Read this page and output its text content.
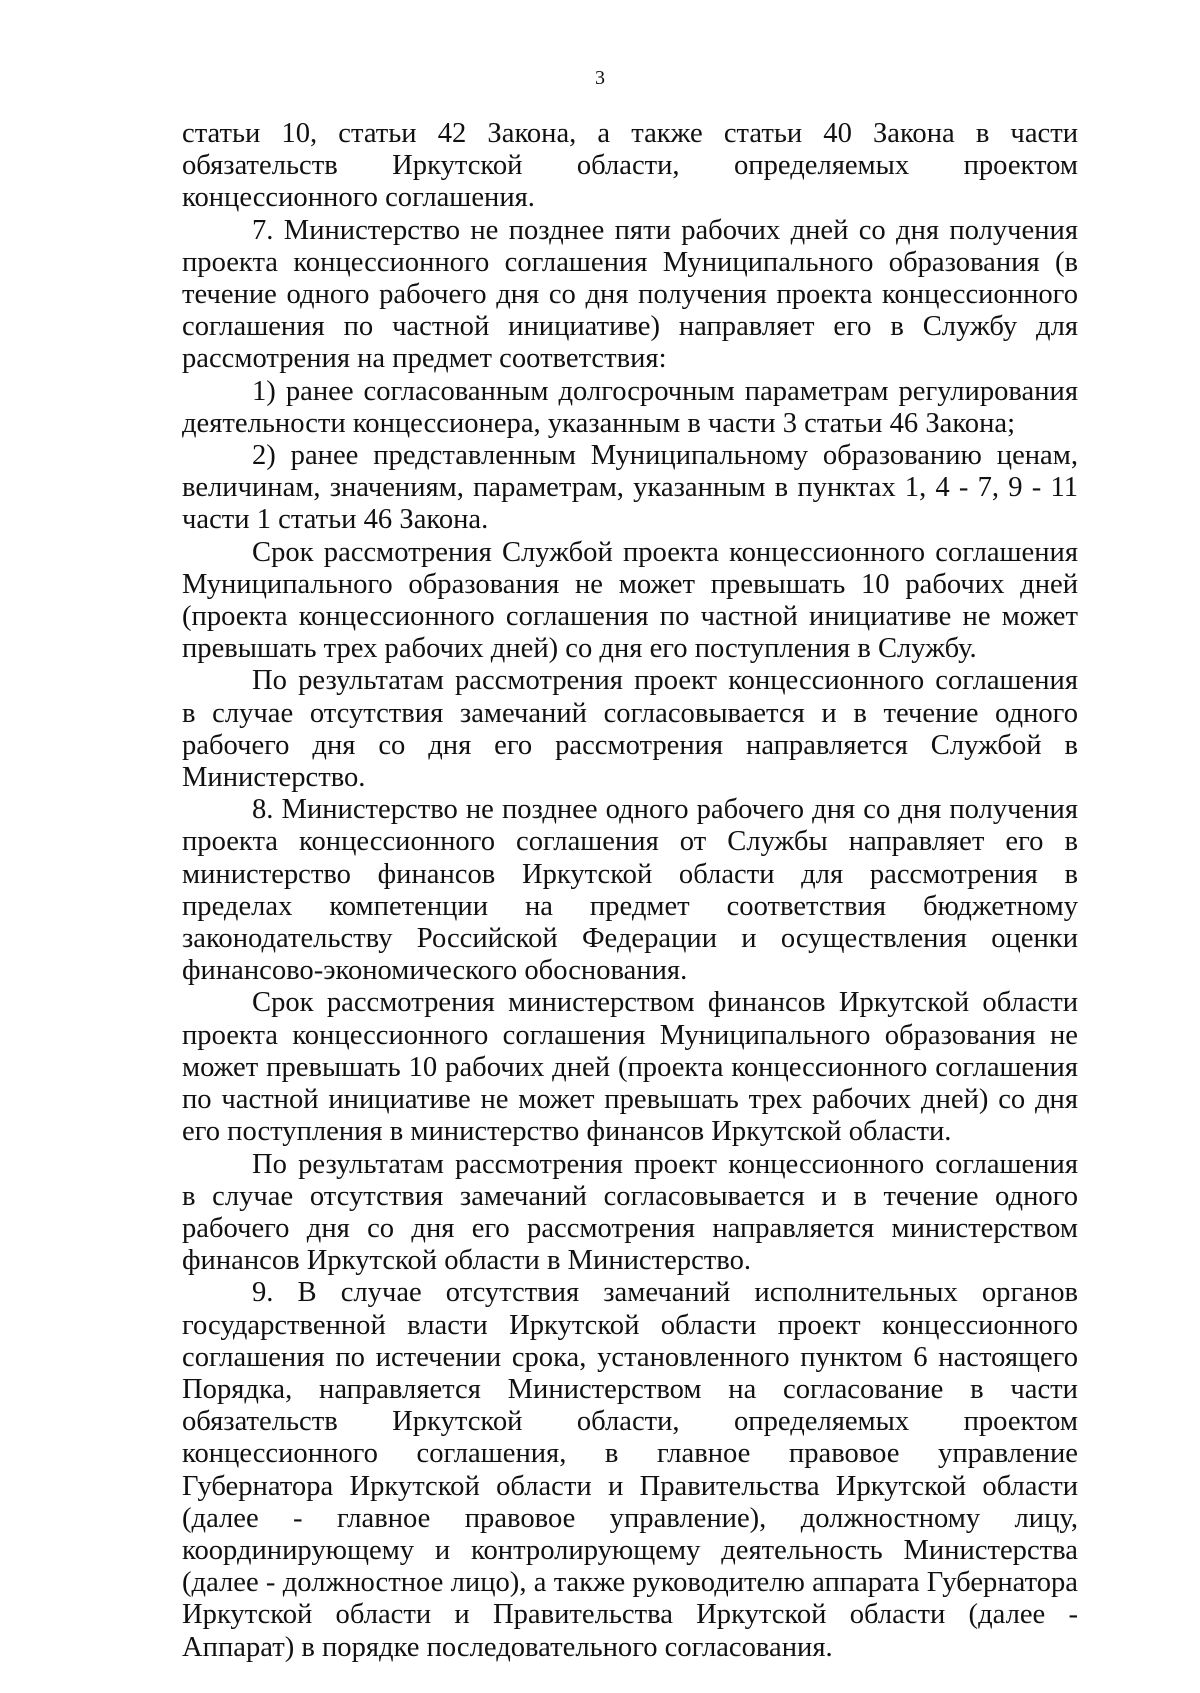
3

статьи 10, статьи 42 Закона, а также статьи 40 Закона в части обязательств Иркутской области, определяемых проектом концессионного соглашения.

7. Министерство не позднее пяти рабочих дней со дня получения проекта концессионного соглашения Муниципального образования (в течение одного рабочего дня со дня получения проекта концессионного соглашения по частной инициативе) направляет его в Службу для рассмотрения на предмет соответствия:

1) ранее согласованным долгосрочным параметрам регулирования деятельности концессионера, указанным в части 3 статьи 46 Закона;

2) ранее представленным Муниципальному образованию ценам, величинам, значениям, параметрам, указанным в пунктах 1, 4 - 7, 9 - 11 части 1 статьи 46 Закона.

Срок рассмотрения Службой проекта концессионного соглашения Муниципального образования не может превышать 10 рабочих дней (проекта концессионного соглашения по частной инициативе не может превышать трех рабочих дней) со дня его поступления в Службу.

По результатам рассмотрения проект концессионного соглашения в случае отсутствия замечаний согласовывается и в течение одного рабочего дня со дня его рассмотрения направляется Службой в Министерство.

8. Министерство не позднее одного рабочего дня со дня получения проекта концессионного соглашения от Службы направляет его в министерство финансов Иркутской области для рассмотрения в пределах компетенции на предмет соответствия бюджетному законодательству Российской Федерации и осуществления оценки финансово-экономического обоснования.

Срок рассмотрения министерством финансов Иркутской области проекта концессионного соглашения Муниципального образования не может превышать 10 рабочих дней (проекта концессионного соглашения по частной инициативе не может превышать трех рабочих дней) со дня его поступления в министерство финансов Иркутской области.

По результатам рассмотрения проект концессионного соглашения в случае отсутствия замечаний согласовывается и в течение одного рабочего дня со дня его рассмотрения направляется министерством финансов Иркутской области в Министерство.

9. В случае отсутствия замечаний исполнительных органов государственной власти Иркутской области проект концессионного соглашения по истечении срока, установленного пунктом 6 настоящего Порядка, направляется Министерством на согласование в части обязательств Иркутской области, определяемых проектом концессионного соглашения, в главное правовое управление Губернатора Иркутской области и Правительства Иркутской области (далее - главное правовое управление), должностному лицу, координирующему и контролирующему деятельность Министерства (далее - должностное лицо), а также руководителю аппарата Губернатора Иркутской области и Правительства Иркутской области (далее - Аппарат) в порядке последовательного согласования.
